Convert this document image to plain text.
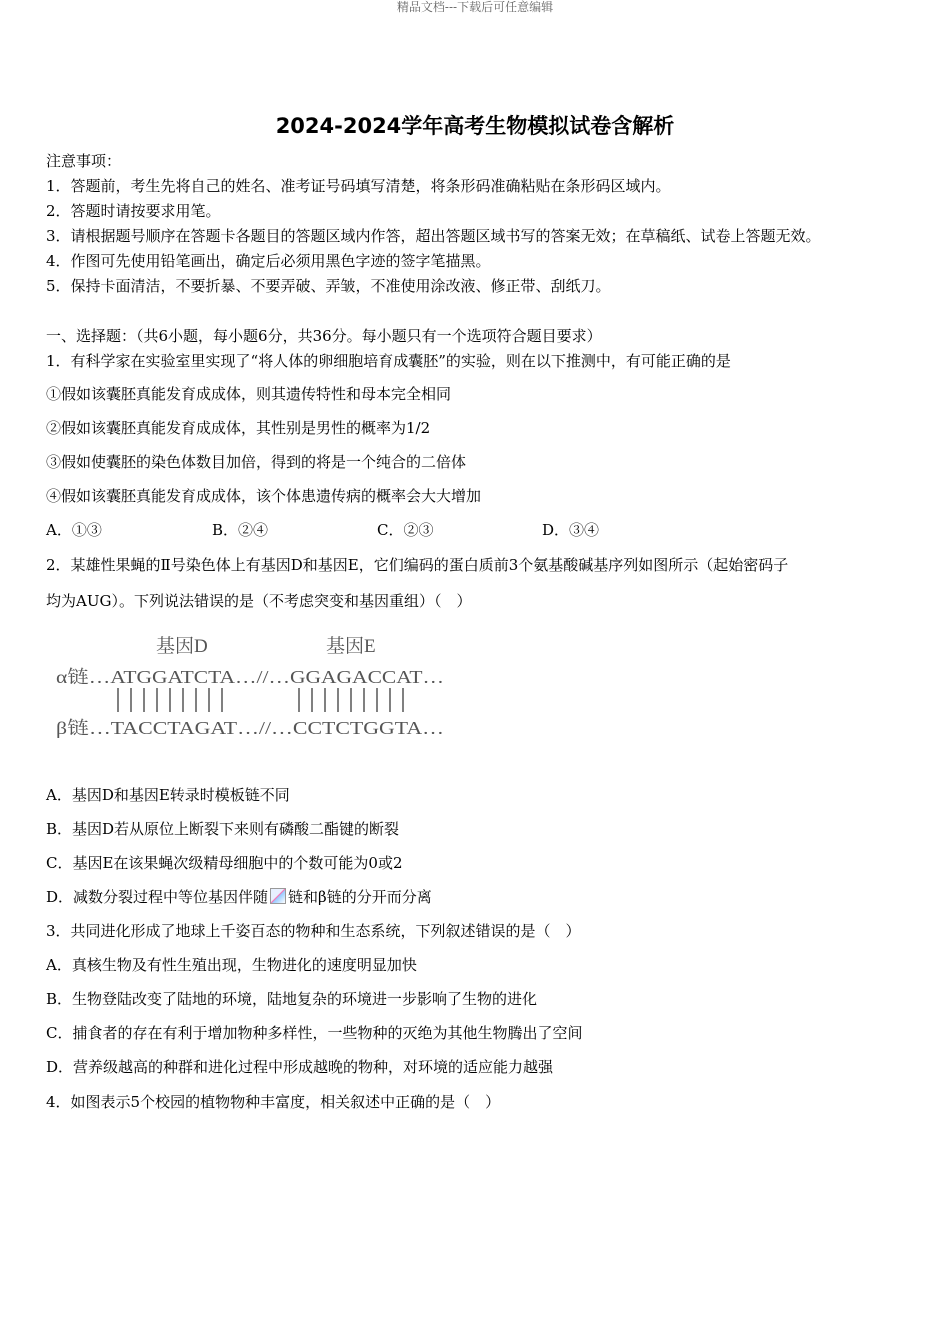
精品文档---下载后可任意编辑
2024-2024学年高考生物模拟试卷含解析
注意事项：
1．答题前，考生先将自己的姓名、准考证号码填写清楚，将条形码准确粘贴在条形码区域内。
2．答题时请按要求用笔。
3．请根据题号顺序在答题卡各题目的答题区域内作答，超出答题区域书写的答案无效；在草稿纸、试卷上答题无效。
4．作图可先使用铅笔画出，确定后必须用黑色字迹的签字笔描黑。
5．保持卡面清洁，不要折暴、不要弄破、弄皱，不准使用涂改液、修正带、刮纸刀。
一、选择题：（共6小题，每小题6分，共36分。每小题只有一个选项符合题目要求）
1．有科学家在实验室里实现了“将人体的卵细胞培育成囊胚”的实验，则在以下推测中，有可能正确的是
①假如该囊胚真能发育成成体，则其遗传特性和母本完全相同
②假如该囊胚真能发育成成体，其性别是男性的概率为1/2
③假如使囊胚的染色体数目加倍，得到的将是一个纯合的二倍体
④假如该囊胚真能发育成成体，该个体患遗传病的概率会大大增加
A．①③	B．②④	C．②③	D．③④
2．某雄性果蝇的Ⅱ号染色体上有基因D和基因E，它们编码的蛋白质前3个氨基酸碱基序列如图所示（起始密码子
均为AUG）。下列说法错误的是（不考虑突变和基因重组）（　）
基因D	基因E
α链…ATGGATCTA…//…GGAGACCAT…
β链…TACCTAGAT…//…CCTCTGGTA…
A．基因D和基因E转录时模板链不同
B．基因D若从原位上断裂下来则有磷酸二酯键的断裂
C．基因E在该果蝇次级精母细胞中的个数可能为0或2
D．减数分裂过程中等位基因伴随 链和β链的分开而分离
3．共同进化形成了地球上千姿百态的物种和生态系统，下列叙述错误的是（　）
A．真核生物及有性生殖出现，生物进化的速度明显加快
B．生物登陆改变了陆地的环境，陆地复杂的环境进一步影响了生物的进化
C．捕食者的存在有利于增加物种多样性，一些物种的灭绝为其他生物腾出了空间
D．营养级越高的种群和进化过程中形成越晚的物种，对环境的适应能力越强
4．如图表示5个校园的植物物种丰富度，相关叙述中正确的是（　）
